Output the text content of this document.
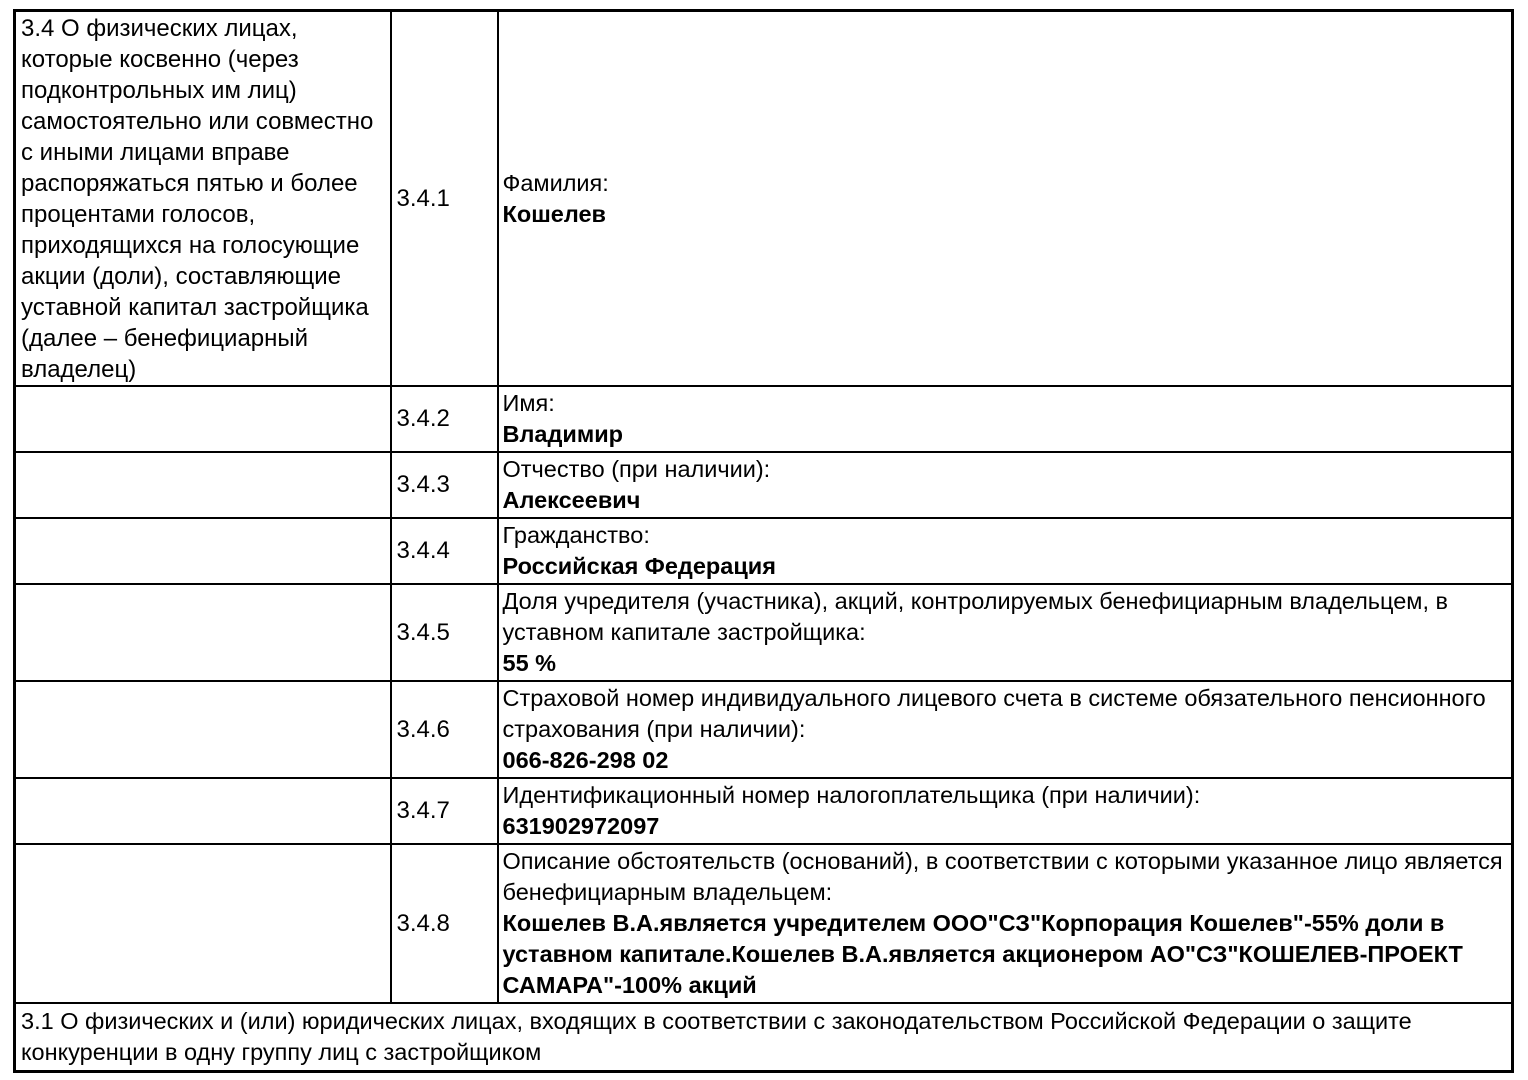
3.4 О физических лицах, которые косвенно (через подконтрольных им лиц) самостоятельно или совместно с иными лицами вправе распоряжаться пятью и более процентами голосов, приходящихся на голосующие акции (доли), составляющие уставной капитал застройщика (далее – бенефициарный владелец)	3.4.1	Фамилия:
Кошелев

	3.4.2	Имя:
Владимир

	3.4.3	Отчество (при наличии):
Алексеевич

	3.4.4	Гражданство:
Российская Федерация

	3.4.5	Доля учредителя (участника), акций, контролируемых бенефициарным владельцем, в уставном капитале застройщика:
55 %

	3.4.6	Страховой номер индивидуального лицевого счета в системе обязательного пенсионного страхования (при наличии):
066-826-298 02

	3.4.7	Идентификационный номер налогоплательщика (при наличии):
631902972097

	3.4.8	Описание обстоятельств (оснований), в соответствии с которыми указанное лицо является бенефициарным владельцем:
Кошелев В.А.является учредителем ООО"СЗ"Корпорация Кошелев"-55% доли в уставном капитале.Кошелев В.А.является акционером АО"СЗ"КОШЕЛЕВ-ПРОЕКТ САМАРА"-100% акций

3.1 О физических и (или) юридических лицах, входящих в соответствии с законодательством Российской Федерации о защите конкуренции в одну группу лиц с застройщиком		
